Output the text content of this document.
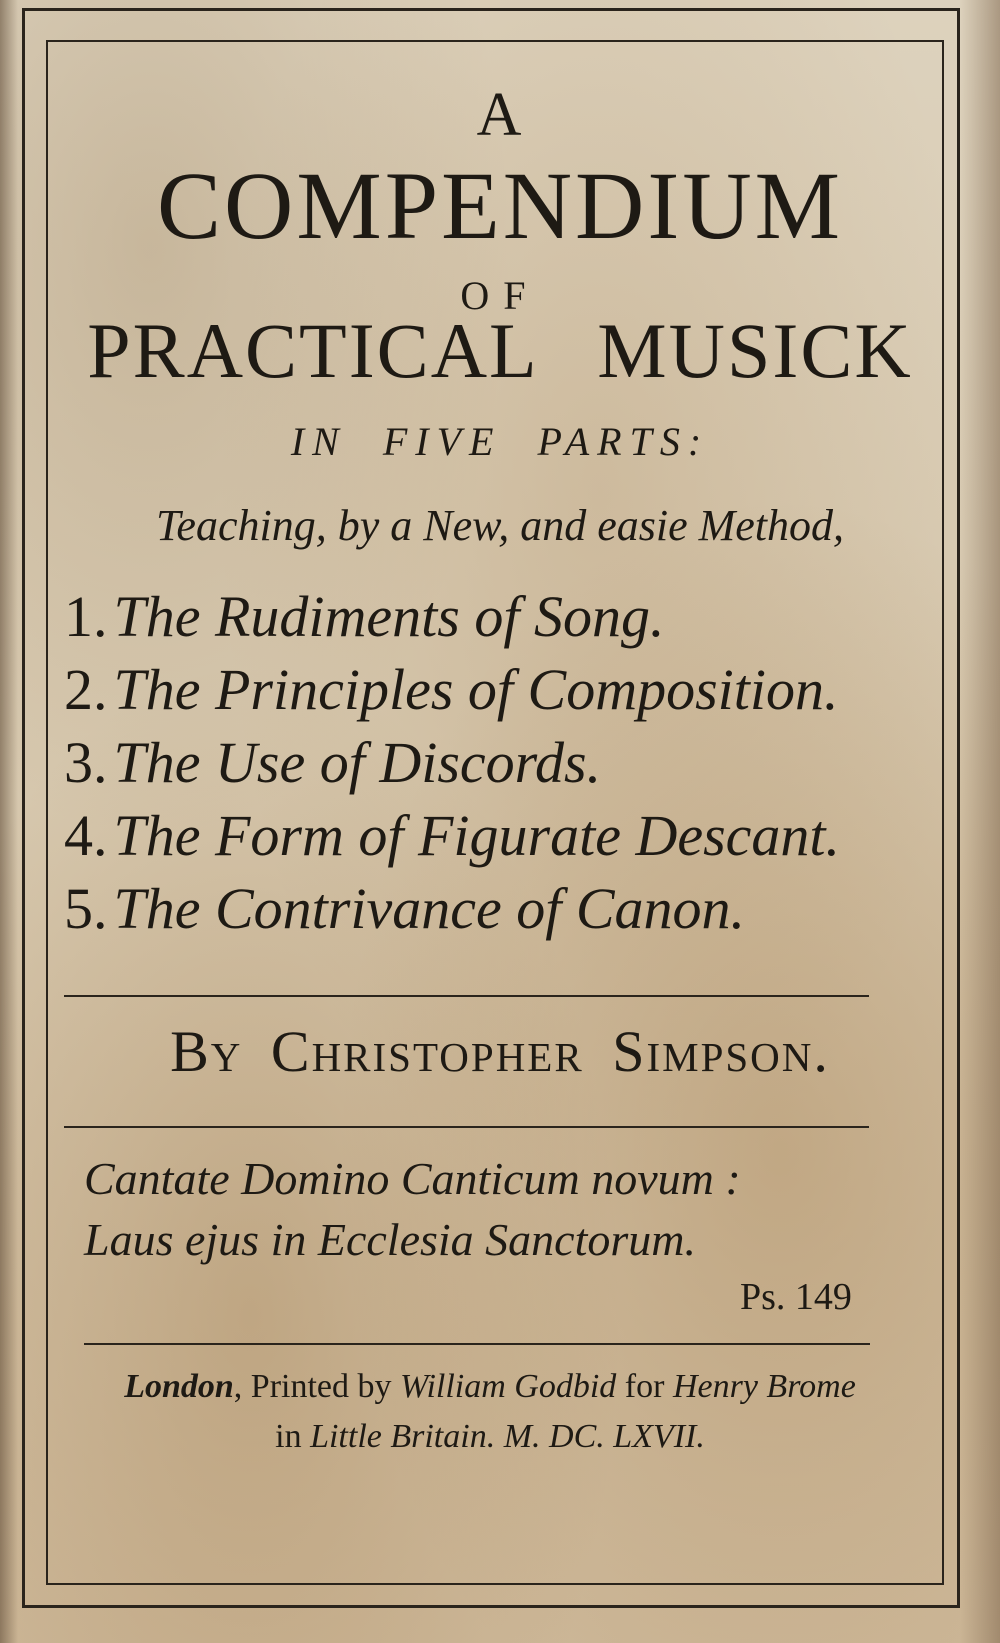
A
COMPENDIUM
OF
PRACTICAL MUSICK
IN FIVE PARTS:
Teaching, by a New, and easie Method,
1. The Rudiments of Song.
2. The Principles of Composition.
3. The Use of Discords.
4. The Form of Figurate Descant.
5. The Contrivance of Canon.
By Christopher Simpson.
Cantate Domino Canticum novum :
Laus ejus in Ecclesia Sanctorum.
Ps. 149
London, Printed by William Godbid for Henry Brome
in Little Britain. M. DC. LXVII.
